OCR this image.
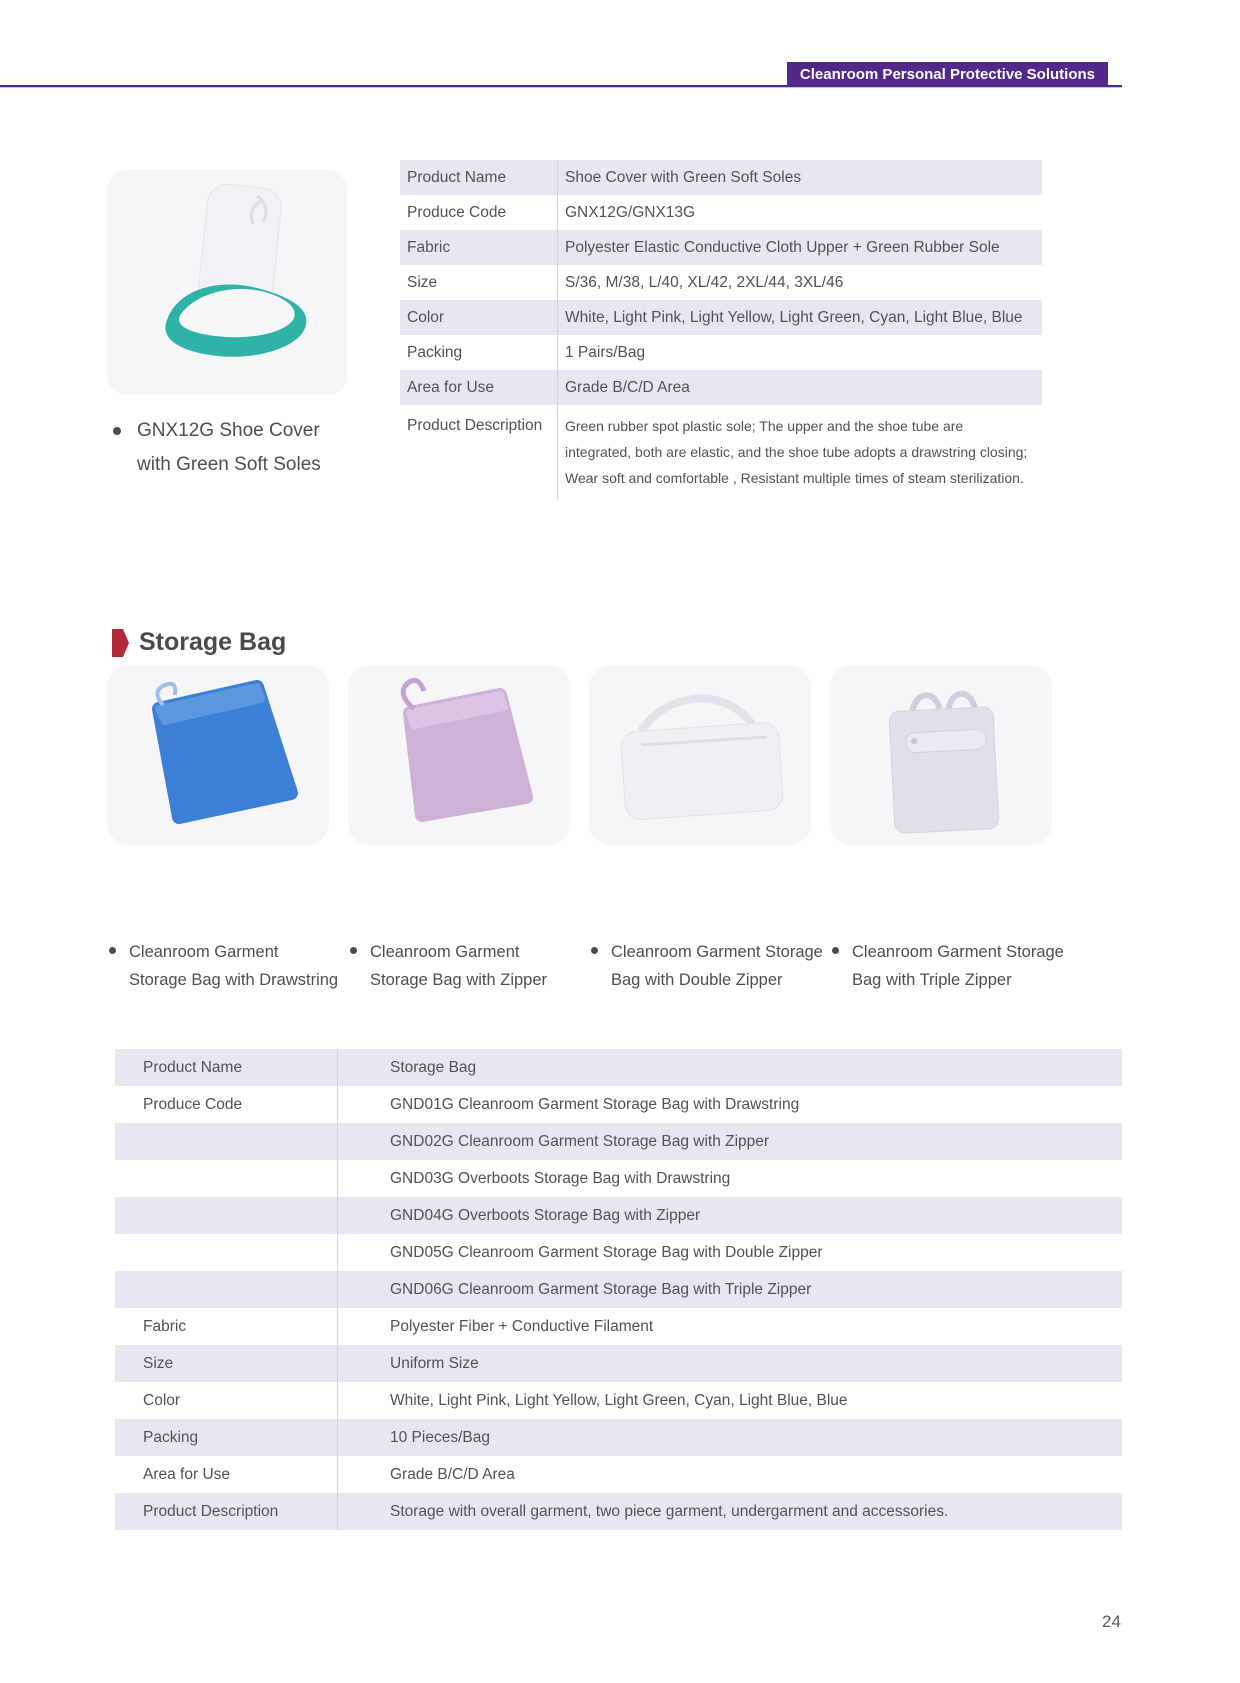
Cleanroom Personal Protective Solutions
GNX12G Shoe Cover
with Green Soft Soles
Product Name	Shoe Cover with Green Soft Soles
Produce Code	GNX12G/GNX13G
Fabric	Polyester Elastic Conductive Cloth Upper + Green Rubber Sole
Size	S/36, M/38, L/40, XL/42, 2XL/44, 3XL/46
Color	White, Light Pink, Light Yellow, Light Green, Cyan, Light Blue, Blue
Packing	1 Pairs/Bag
Area for Use	Grade B/C/D Area
Product Description	Green rubber spot plastic sole; The upper and the shoe tube are integrated, both are elastic, and the shoe tube adopts a drawstring closing; Wear soft and comfortable , Resistant multiple times of steam sterilization.
Storage Bag
Cleanroom Garment
Storage Bag with Drawstring
Cleanroom Garment
Storage Bag with Zipper
Cleanroom Garment Storage
Bag with Double Zipper
Cleanroom Garment Storage
Bag with Triple Zipper
Product Name	Storage Bag
Produce Code	GND01G Cleanroom Garment Storage Bag with Drawstring
GND02G Cleanroom Garment Storage Bag with Zipper
GND03G Overboots Storage Bag with Drawstring
GND04G Overboots Storage Bag with Zipper
GND05G Cleanroom Garment Storage Bag with Double Zipper
GND06G Cleanroom Garment Storage Bag with Triple Zipper
Fabric	Polyester Fiber + Conductive Filament
Size	Uniform Size
Color	White, Light Pink, Light Yellow, Light Green, Cyan, Light Blue, Blue
Packing	10 Pieces/Bag
Area for Use	Grade B/C/D Area
Product Description	Storage with overall garment, two piece garment, undergarment and accessories.
24
